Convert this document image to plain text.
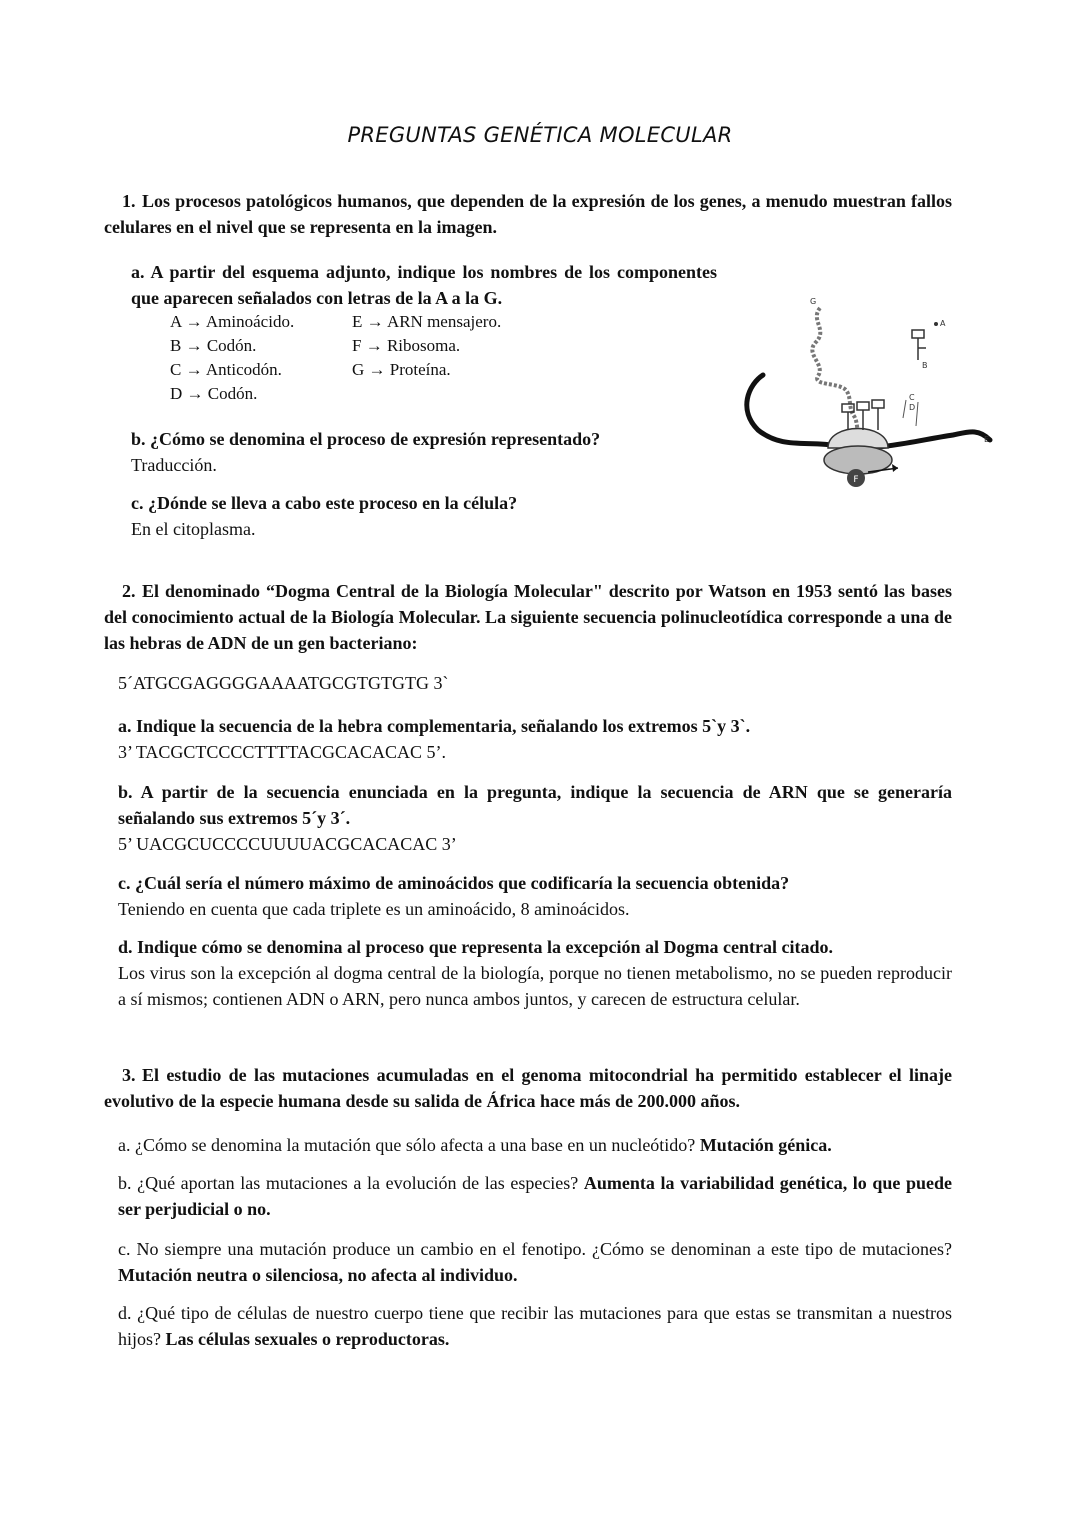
PREGUNTAS GENÉTICA MOLECULAR
1. Los procesos patológicos humanos, que dependen de la expresión de los genes, a menudo muestran fallos celulares en el nivel que se representa en la imagen.
a. A partir del esquema adjunto, indique los nombres de los componentes que aparecen señalados con letras de la A a la G.
A → Aminoácido.
B → Codón.
C → Anticodón.
D → Codón.
E → ARN mensajero.
F → Ribosoma.
G → Proteína.
b. ¿Cómo se denomina el proceso de expresión representado?
Traducción.
c. ¿Dónde se lleva a cabo este proceso en la célula?
En el citoplasma.
F
G
A
B
C
D
E
2. El denominado “Dogma Central de la Biología Molecular" descrito por Watson en 1953 sentó las bases del conocimiento actual de la Biología Molecular. La siguiente secuencia polinucleotídica corresponde a una de las hebras de ADN de un gen bacteriano:
5´ATGCGAGGGGAAAATGCGTGTGTG 3`
a. Indique la secuencia de la hebra complementaria, señalando los extremos 5`y 3`.
3’ TACGCTCCCCTTTTACGCACACAC 5’.
b. A partir de la secuencia enunciada en la pregunta, indique la secuencia de ARN que se generaría señalando sus extremos 5´y 3´.
5’ UACGCUCCCCUUUUACGCACACAC 3’
c. ¿Cuál sería el número máximo de aminoácidos que codificaría la secuencia obtenida?
Teniendo en cuenta que cada triplete es un aminoácido, 8 aminoácidos.
d. Indique cómo se denomina al proceso que representa la excepción al Dogma central citado.
Los virus son la excepción al dogma central de la biología, porque no tienen metabolismo, no se pueden reproducir a sí mismos; contienen ADN o ARN, pero nunca ambos juntos, y carecen de estructura celular.
3. El estudio de las mutaciones acumuladas en el genoma mitocondrial ha permitido establecer el linaje evolutivo de la especie humana desde su salida de África hace más de 200.000 años.
a. ¿Cómo se denomina la mutación que sólo afecta a una base en un nucleótido? Mutación génica.
b. ¿Qué aportan las mutaciones a la evolución de las especies? Aumenta la variabilidad genética, lo que puede ser perjudicial o no.
c. No siempre una mutación produce un cambio en el fenotipo. ¿Cómo se denominan a este tipo de mutaciones? Mutación neutra o silenciosa, no afecta al individuo.
d. ¿Qué tipo de células de nuestro cuerpo tiene que recibir las mutaciones para que estas se transmitan a nuestros hijos? Las células sexuales o reproductoras.
